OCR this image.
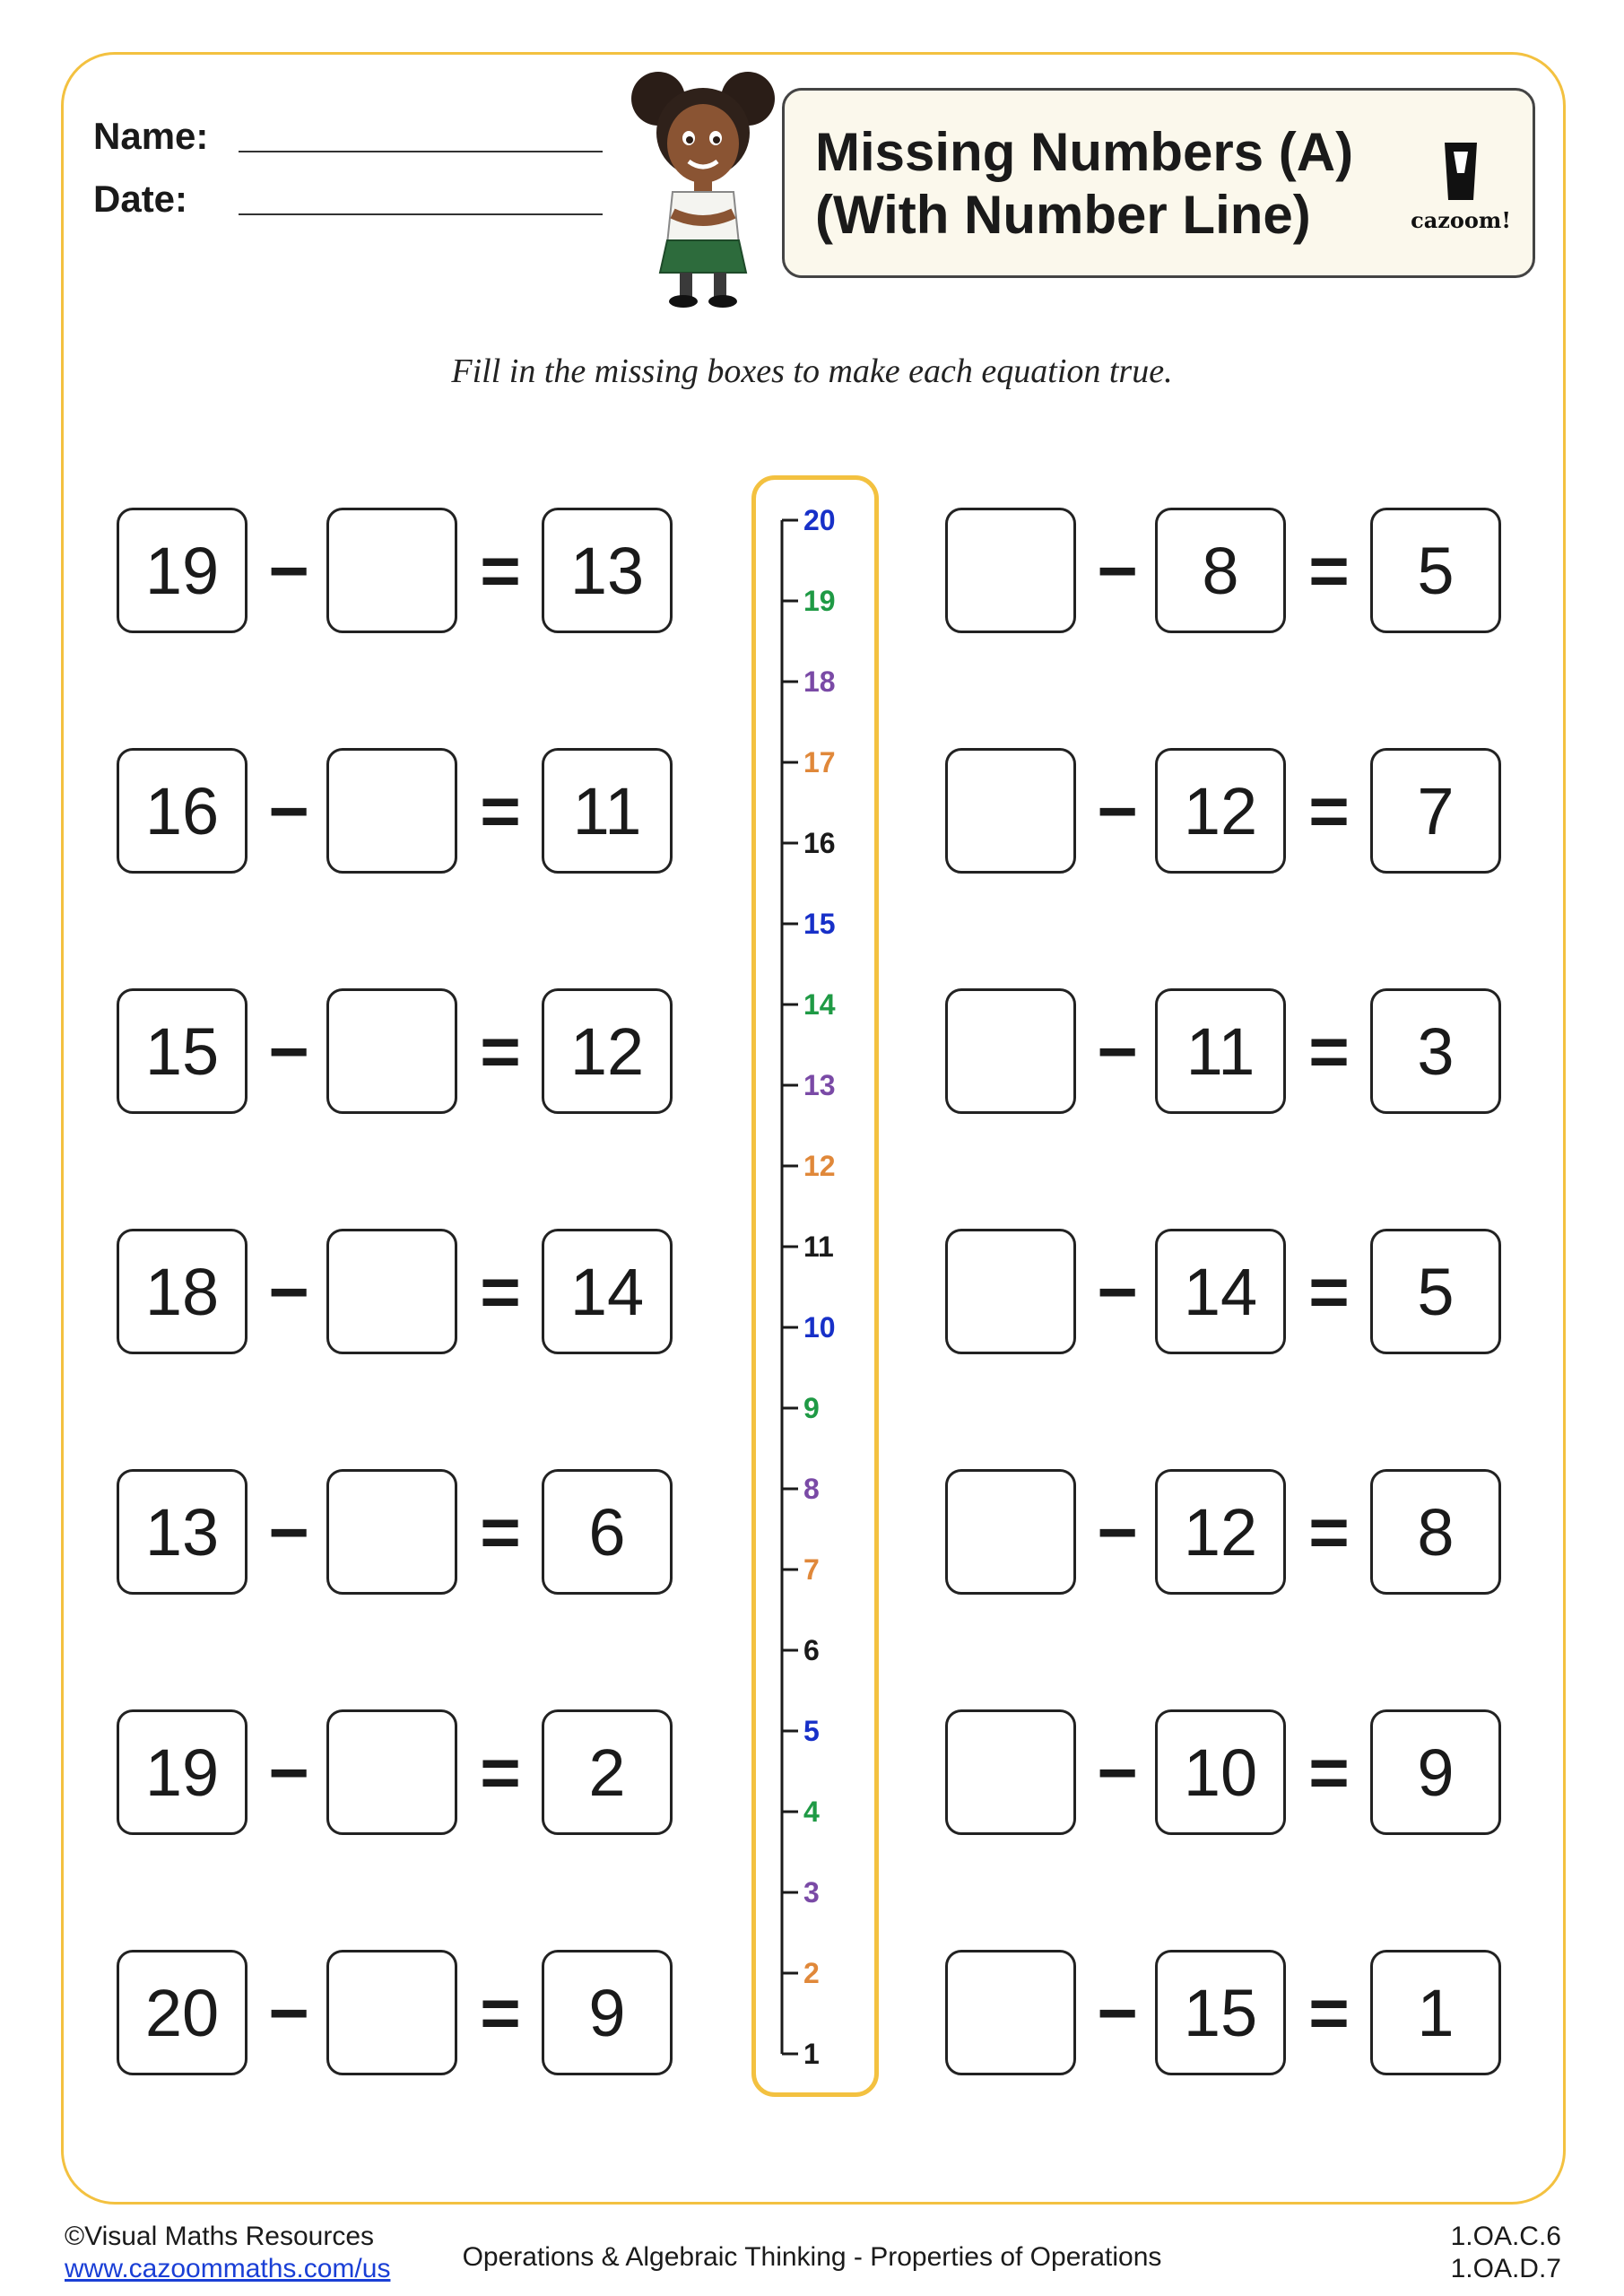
Name:
Date:
Missing Numbers (A)
(With Number Line)	cazoom!
Fill in the missing boxes to make each equation true.
19 − = 13
16 − = 11
15 − = 12
18 − = 14
13 − =	6
19 − =	2
20 − =	9
− 8 =	5
− 12 =	7
− 11 =	3
− 14 =	5
− 12 =	8
− 10 =	9
− 15 =	1
20
19
18
17
16
15
14
13
12
11
10
9
8
7
6
5
4
3
2
1
©Visual Maths Resources
www.cazoommaths.com/us	Operations & Algebraic Thinking - Properties of Operations
1.OA.C.6
1.OA.D.7
